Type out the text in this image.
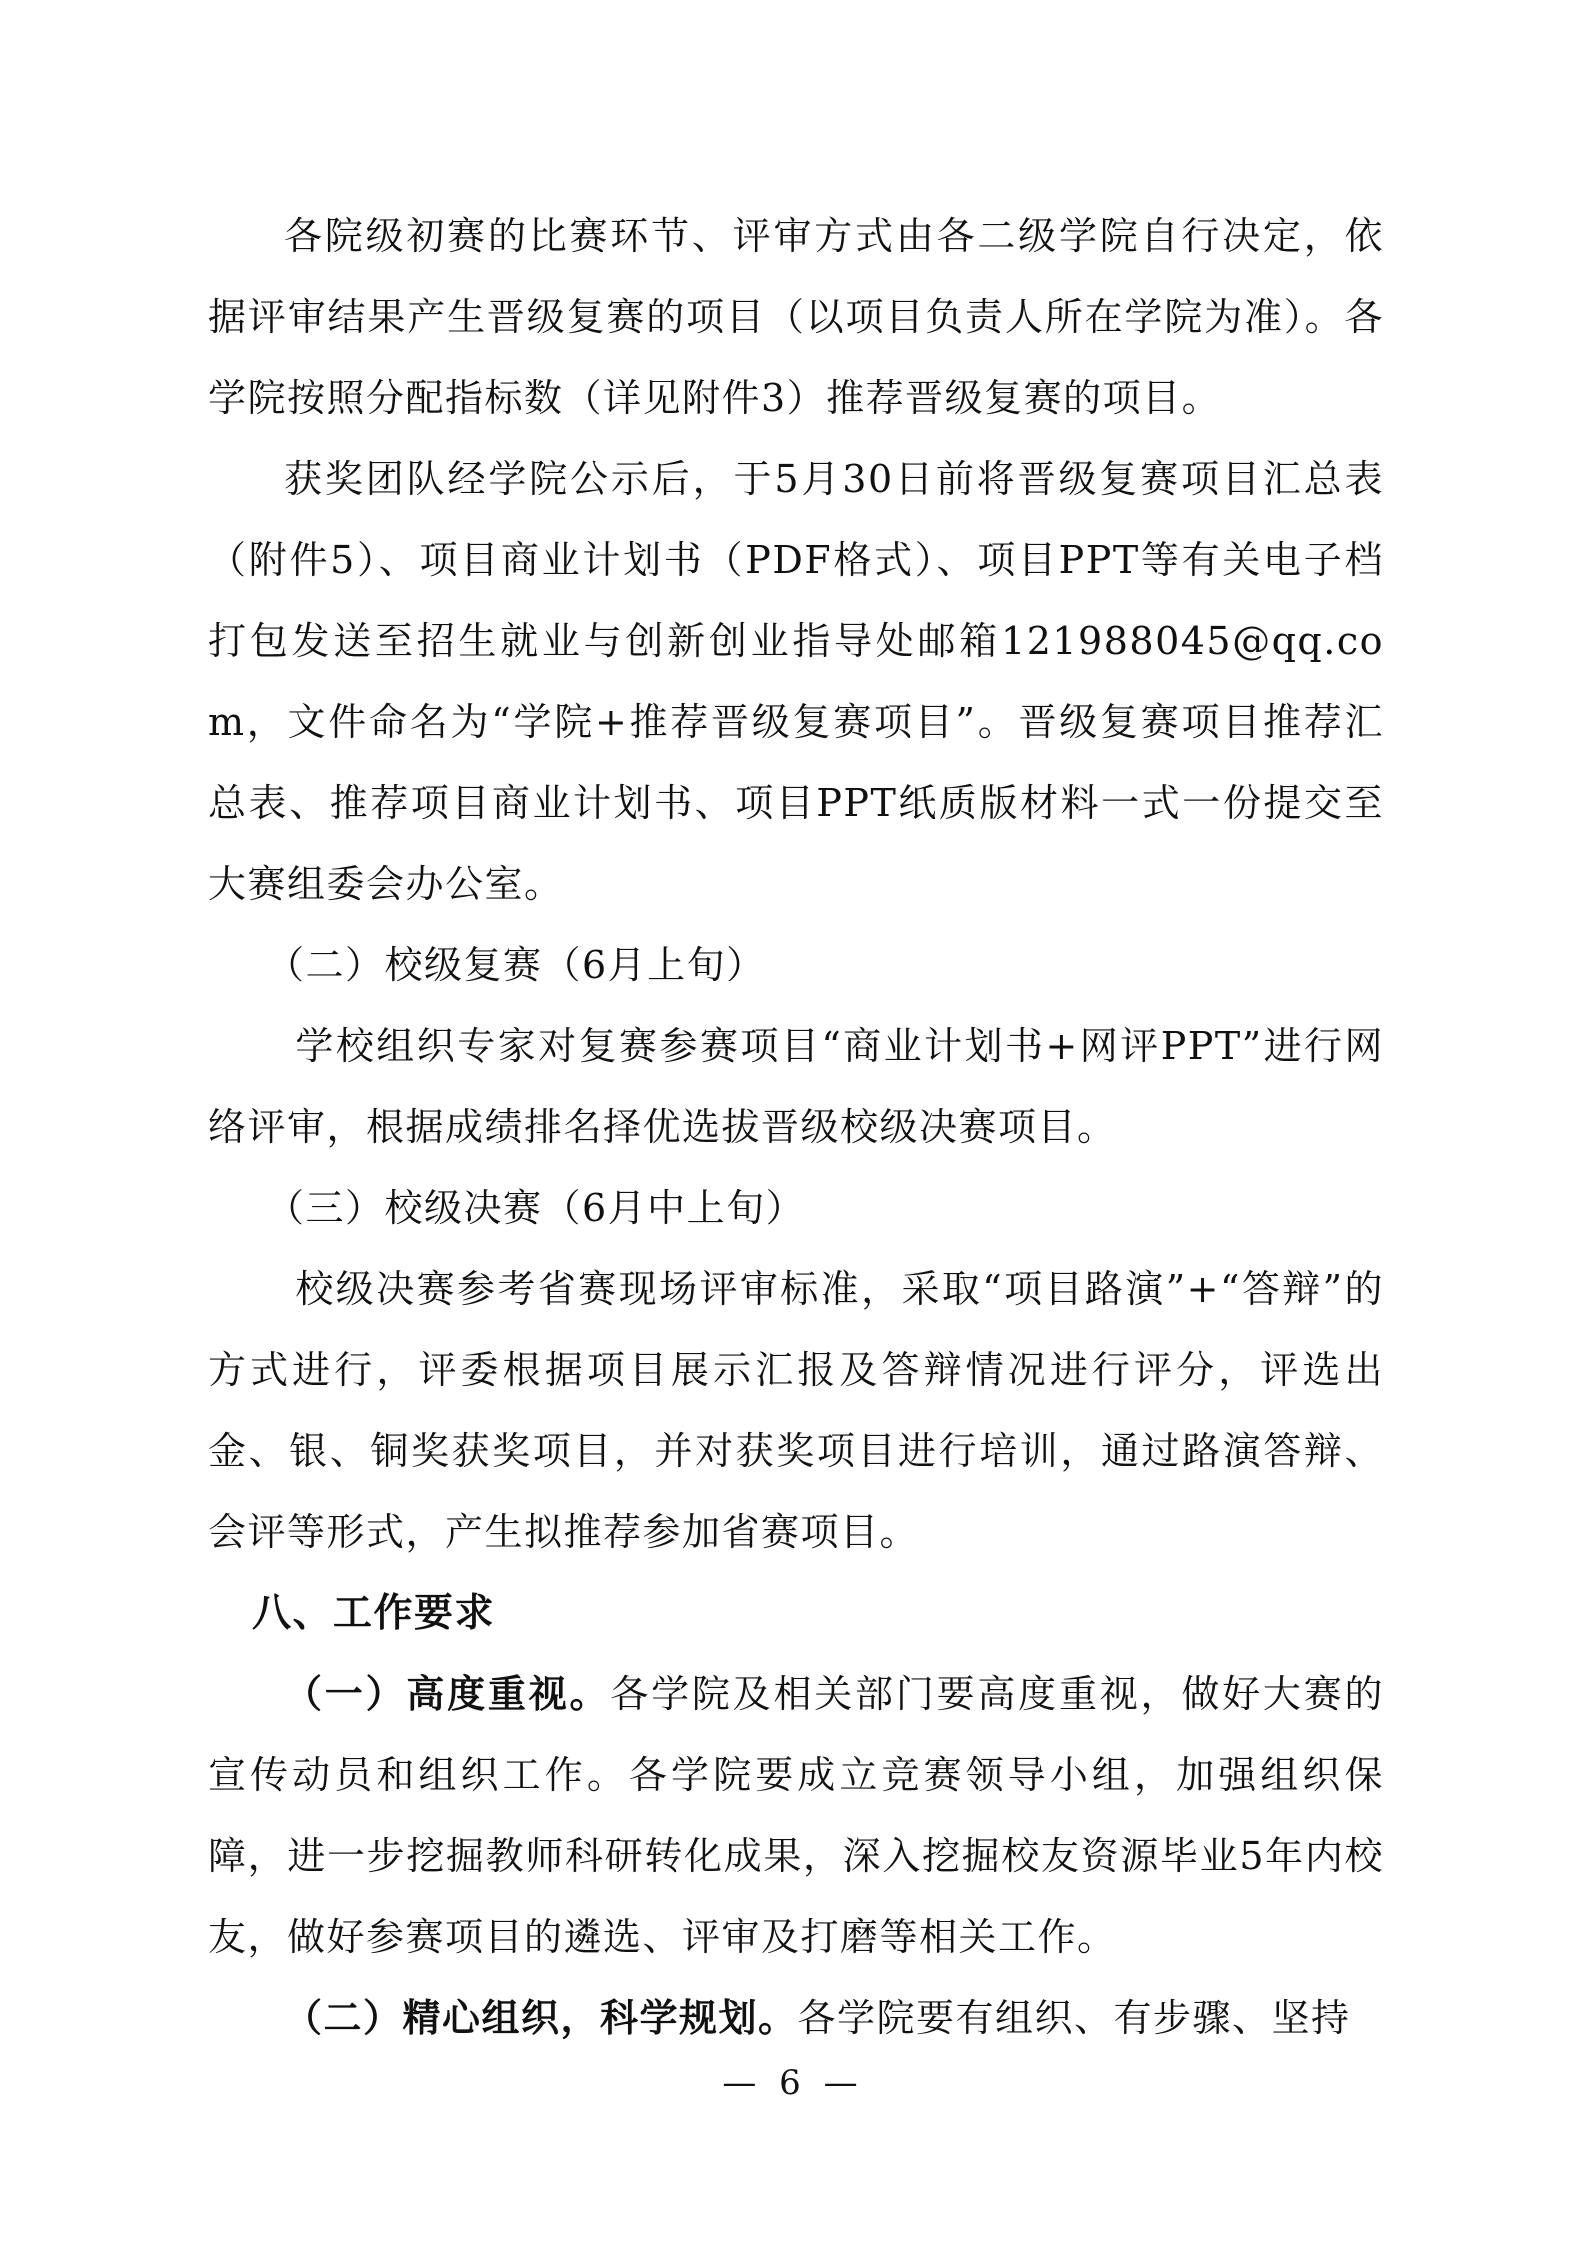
各院级初赛的比赛环节、评审方式由各二级学院自行决定，依据评审结果产生晋级复赛的项目（以项目负责人所在学院为准）。各学院按照分配指标数（详见附件3）推荐晋级复赛的项目。

获奖团队经学院公示后，于5月30日前将晋级复赛项目汇总表（附件5）、项目商业计划书（PDF格式）、项目PPT等有关电子档打包发送至招生就业与创新创业指导处邮箱121988045@qq.com，文件命名为“学院+推荐晋级复赛项目”。晋级复赛项目推荐汇总表、推荐项目商业计划书、项目PPT纸质版材料一式一份提交至大赛组委会办公室。

（二）校级复赛（6月上旬）

学校组织专家对复赛参赛项目“商业计划书+网评PPT”进行网络评审，根据成绩排名择优选拔晋级校级决赛项目。

（三）校级决赛（6月中上旬）

校级决赛参考省赛现场评审标准，采取“项目路演”+“答辩”的方式进行，评委根据项目展示汇报及答辩情况进行评分，评选出金、银、铜奖获奖项目，并对获奖项目进行培训，通过路演答辩、会评等形式，产生拟推荐参加省赛项目。

八、工作要求

（一）高度重视。各学院及相关部门要高度重视，做好大赛的宣传动员和组织工作。各学院要成立竞赛领导小组，加强组织保障，进一步挖掘教师科研转化成果，深入挖掘校友资源毕业5年内校友，做好参赛项目的遴选、评审及打磨等相关工作。

（二）精心组织，科学规划。各学院要有组织、有步骤、坚持

— 6 —
